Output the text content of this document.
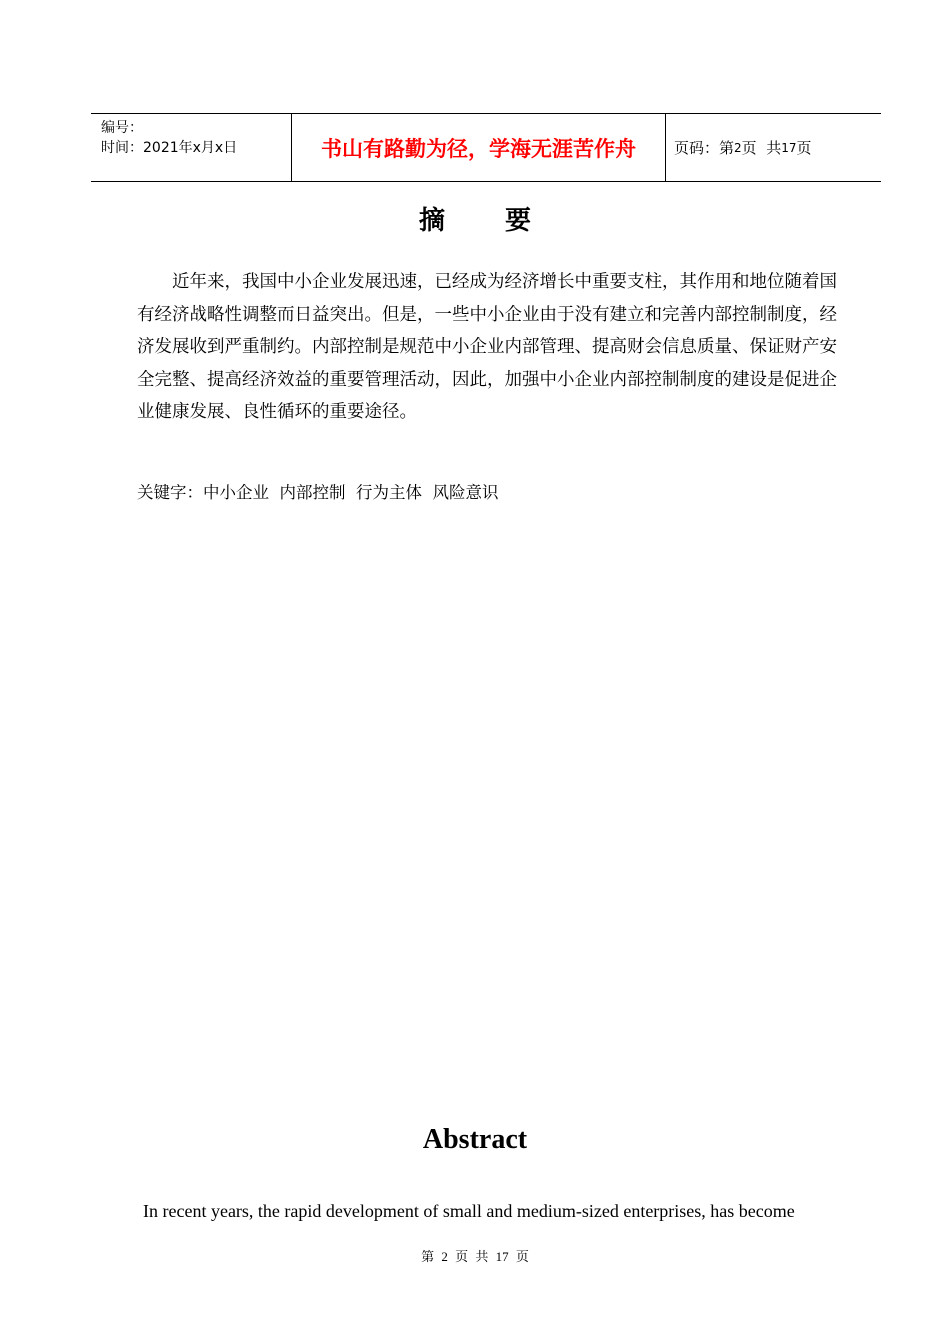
编号：
时间：2021年x月x日	书山有路勤为径，学海无涯苦作舟	页码：第 2 页  共 17 页
摘要

近年来，我国中小企业发展迅速，已经成为经济增长中重要支柱，其作用和地位随着国有经济战略性调整而日益突出。但是，一些中小企业由于没有建立和完善内部控制制度，经济发展收到严重制约。内部控制是规范中小企业内部管理、提高财会信息质量、保证财产安全完整、提高经济效益的重要管理活动，因此，加强中小企业内部控制制度的建设是促进企业健康发展、良性循环的重要途径。

关键字：中小企业  内部控制  行为主体  风险意识
Abstract

In recent years, the rapid development of small and medium-sized enterprises, has become

第 2 页 共 17 页
